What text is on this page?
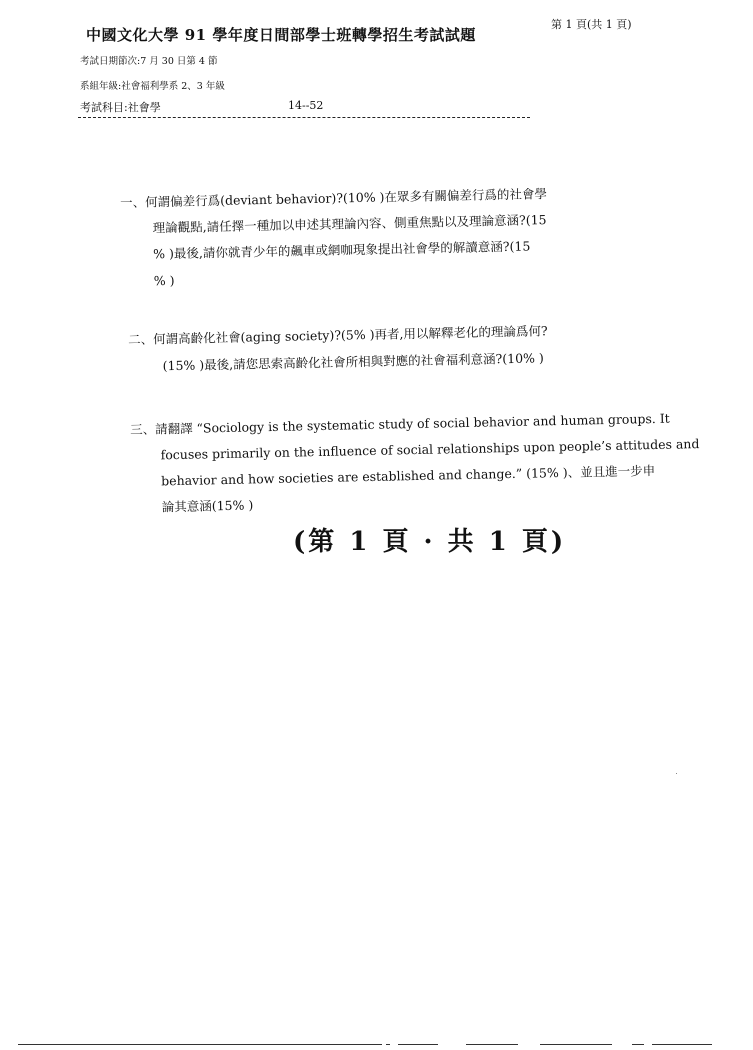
中國文化大學 91 學年度日間部學士班轉學招生考試試題
第 1 頁(共 1 頁)
考試日期節次:7 月 30 日第 4 節
系組年級:社會福利學系 2、3 年級
考試科目:社會學	14--52
一、何謂偏差行爲(deviant behavior)?(10% )在眾多有關偏差行爲的社會學
理論觀點,請任擇一種加以申述其理論內容、側重焦點以及理論意涵?(15
% )最後,請你就青少年的飆車或網咖現象提出社會學的解讀意涵?(15
% )
二、何謂高齡化社會(aging society)?(5% )再者,用以解釋老化的理論爲何?
(15% )最後,請您思索高齡化社會所相與對應的社會福利意涵?(10% )
三、請翻譯 “Sociology is the systematic study of social behavior and human groups. It
focuses primarily on the influence of social relationships upon people’s attitudes and
behavior and how societies are established and change.” (15% )、並且進一步申
論其意涵(15% )
(第 1 頁 · 共 1 頁)
